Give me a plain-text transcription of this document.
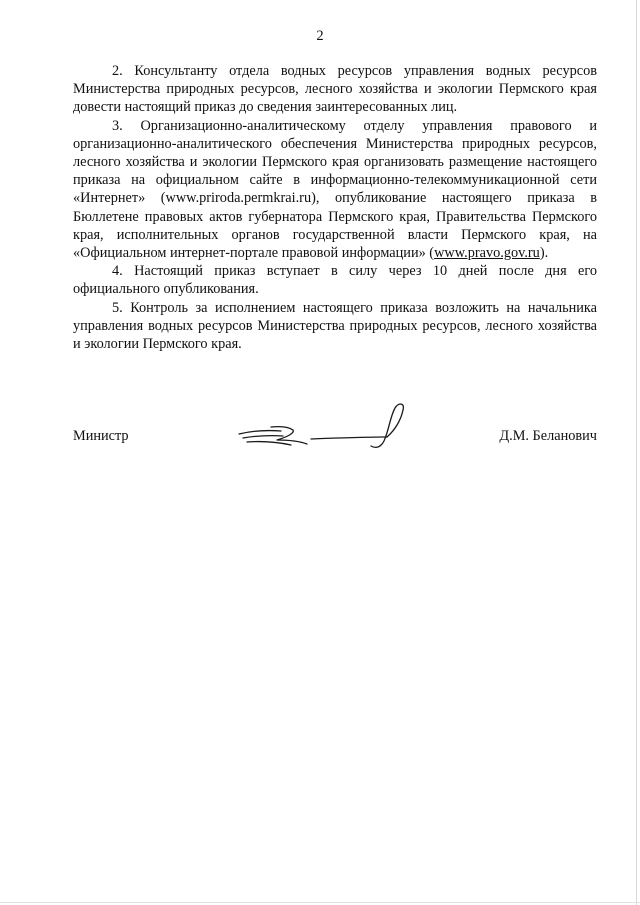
2

2. Консультанту отдела водных ресурсов управления водных ресурсов Министерства природных ресурсов, лесного хозяйства и экологии Пермского края довести настоящий приказ до сведения заинтересованных лиц.

3. Организационно-аналитическому отделу управления правового и организационно-аналитического обеспечения Министерства природных ресурсов, лесного хозяйства и экологии Пермского края организовать размещение настоящего приказа на официальном сайте в информационно-телекоммуникационной сети «Интернет» (www.priroda.permkrai.ru), опубликование настоящего приказа в Бюллетене правовых актов губернатора Пермского края, Правительства Пермского края, исполнительных органов государственной власти Пермского края, на «Официальном интернет-портале правовой информации» (www.pravo.gov.ru).

4. Настоящий приказ вступает в силу через 10 дней после дня его официального опубликования.

5. Контроль за исполнением настоящего приказа возложить на начальника управления водных ресурсов Министерства природных ресурсов, лесного хозяйства и экологии Пермского края.

Министр	Д.М. Беланович
